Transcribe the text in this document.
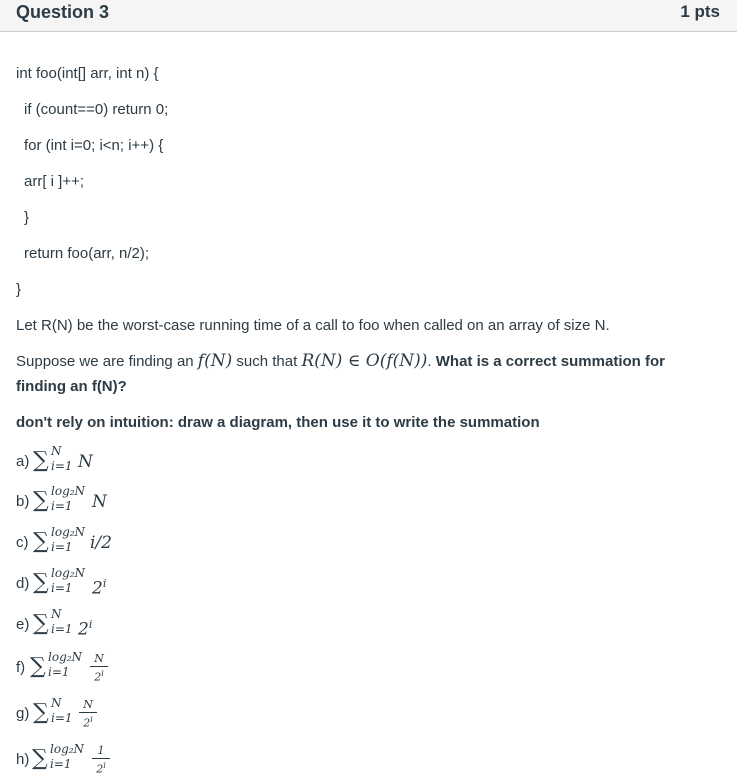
Question 3	1 pts
int foo(int[] arr, int n) {
if (count==0) return 0;
for (int i=0; i<n; i++) {
arr[ i ]++;
}
return foo(arr, n/2);
}
Let R(N) be the worst-case running time of a call to foo when called on an array of size N.
Suppose we are finding an f(N) such that R(N) ∈ O(f(N)). What is a correct summation for
finding an f(N)?
don't rely on intuition: draw a diagram, then use it to write the summation
a) ∑ N
i=1 N
b) ∑ log₂N
i=1 N
c) ∑ log₂N
i=1 i/2
d) ∑ log₂N
i=1 2$^i$
e) ∑ N
i=1 2$^i$
f) ∑ log₂N
$i=1 \frac{N}{2^i}$
g) ∑ N
$i=1 \frac{N}{2^i}$
h) ∑ log₂N
$i=1 \frac{1}{2^i}$
